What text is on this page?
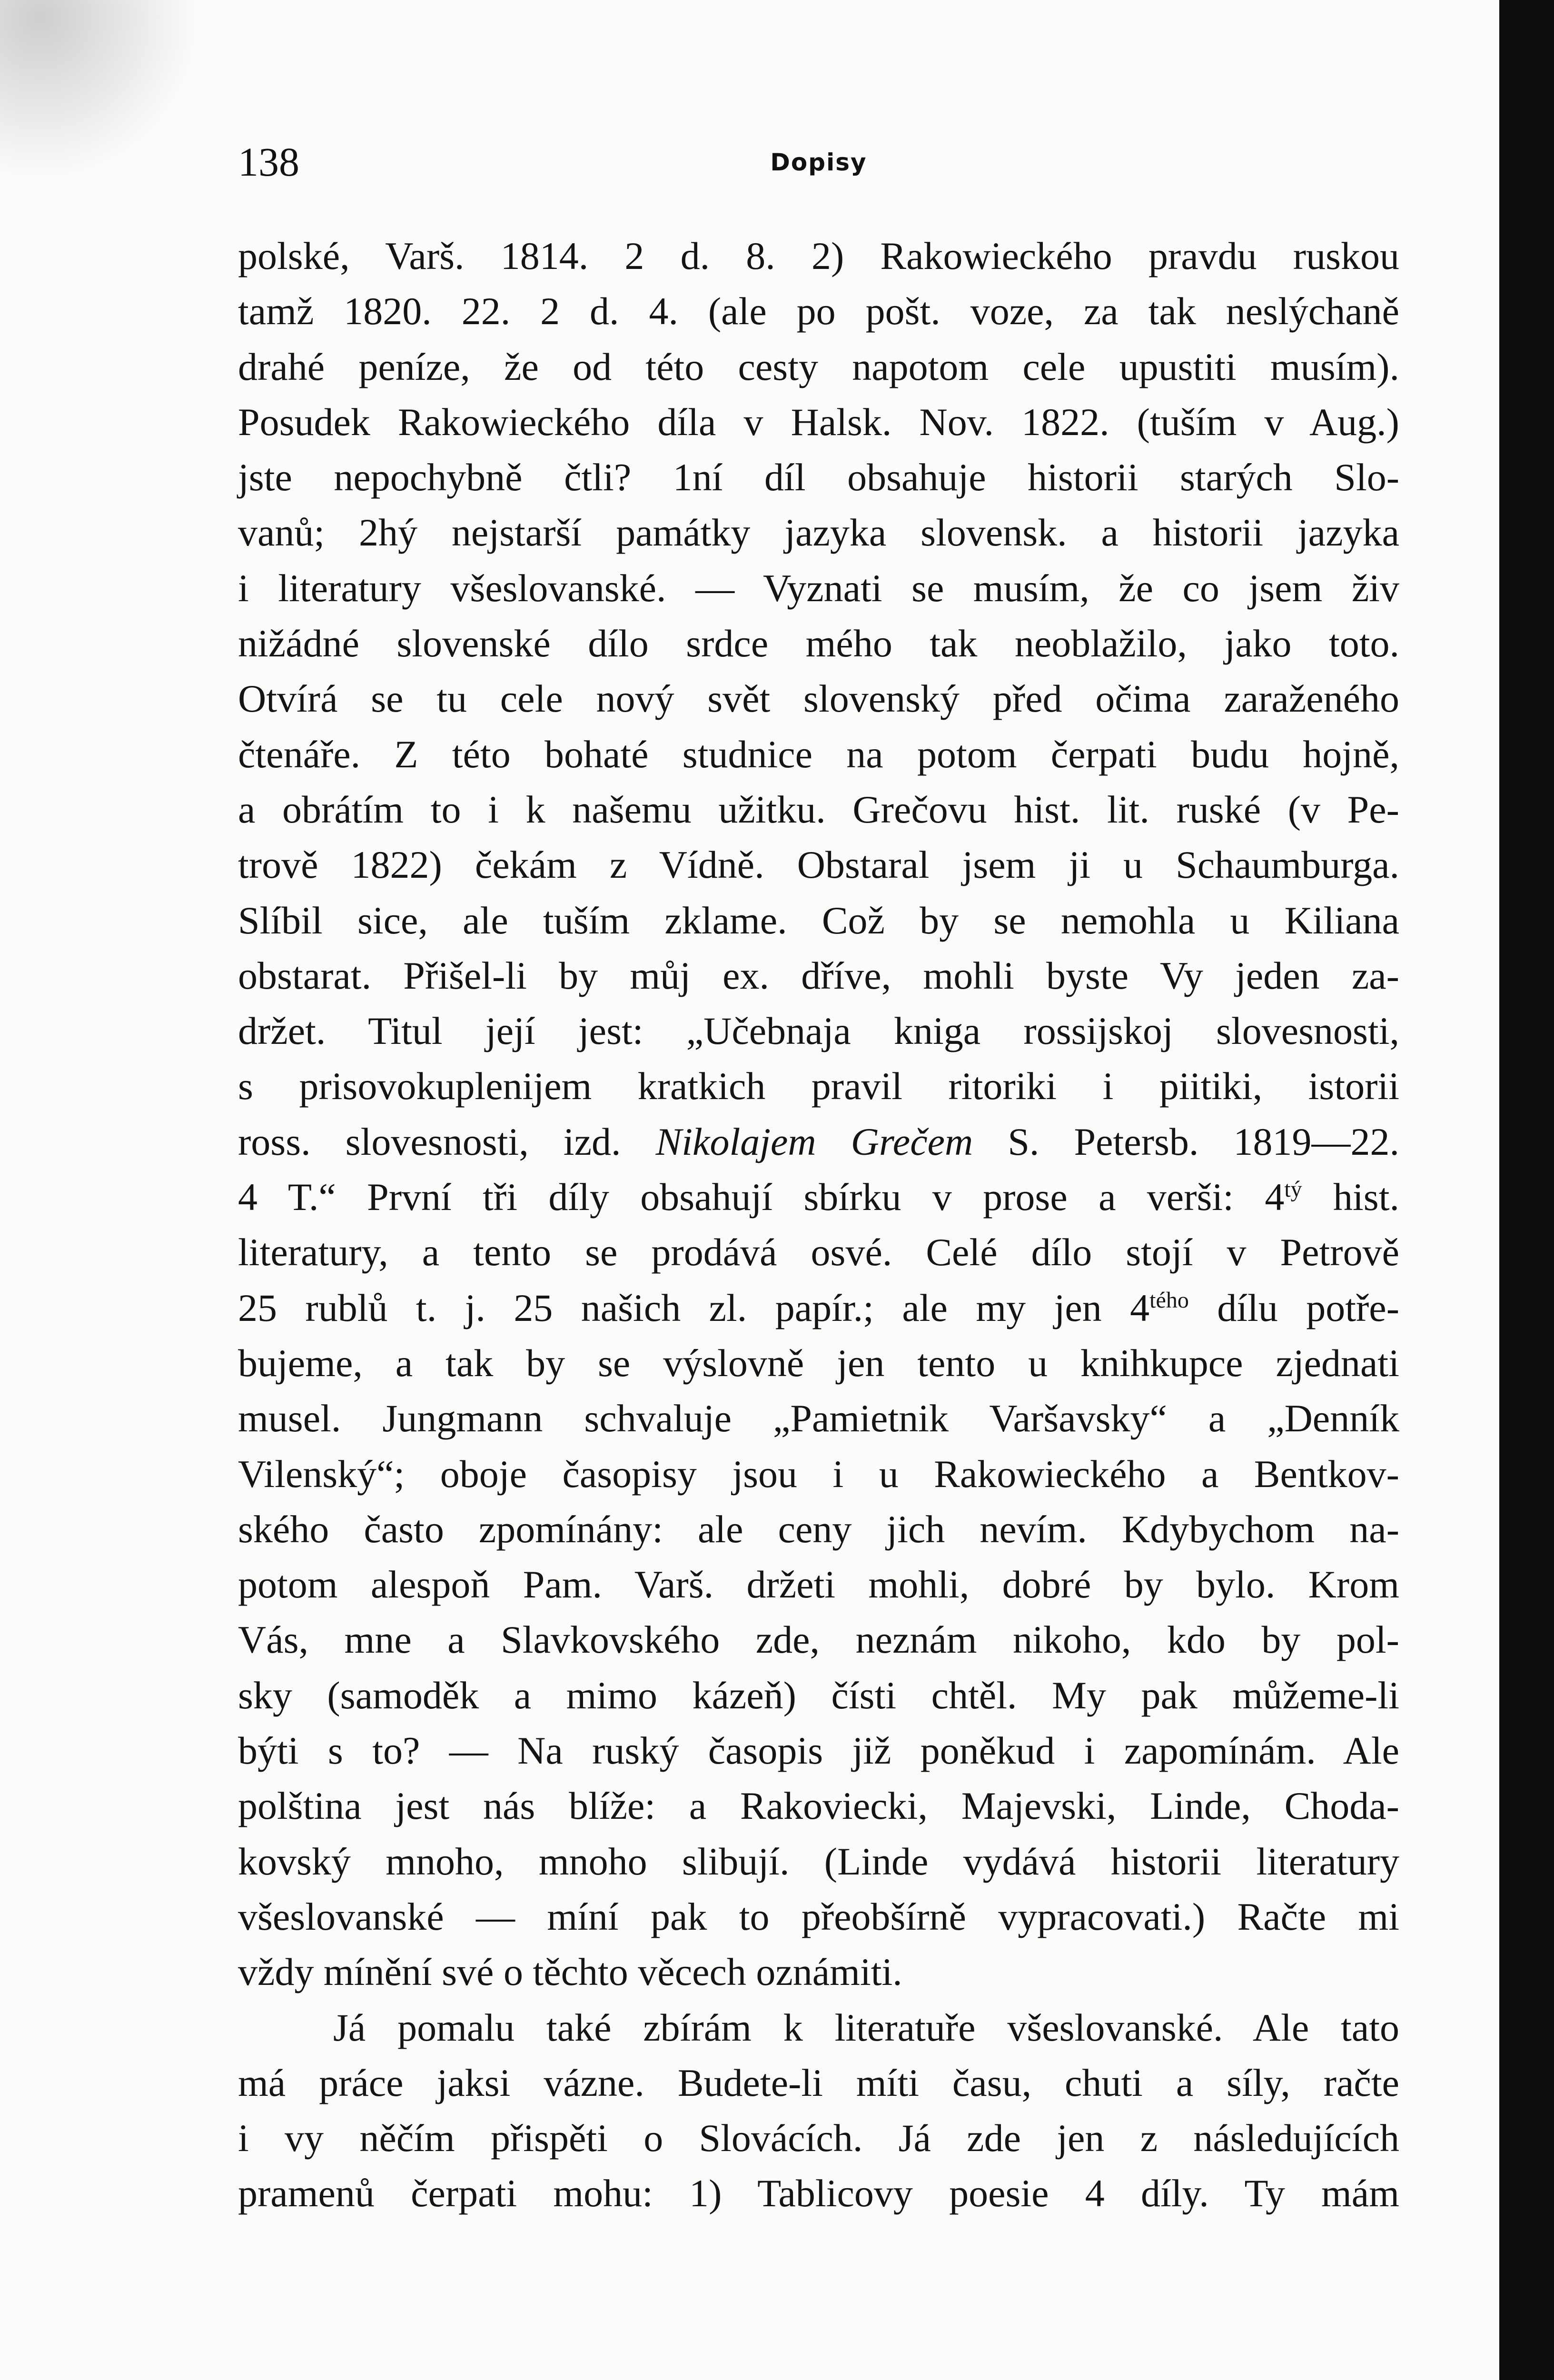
138	Dopisy
polské, Varš. 1814. 2 d. 8. 2) Rakowieckého pravdu ruskou
tamž 1820. 22. 2 d. 4. (ale po pošt. voze, za tak neslýchaně
drahé peníze, že od této cesty napotom cele upustiti musím).
Posudek Rakowieckého díla v Halsk. Nov. 1822. (tuším v Aug.)
jste nepochybně čtli? 1ní díl obsahuje historii starých Slo-
vanů; 2hý nejstarší památky jazyka slovensk. a historii jazyka
i literatury všeslovanské. — Vyznati se musím, že co jsem živ
nižádné slovenské dílo srdce mého tak neoblažilo, jako toto.
Otvírá se tu cele nový svět slovenský před očima zaraženého
čtenáře. Z této bohaté studnice na potom čerpati budu hojně,
a obrátím to i k našemu užitku. Grečovu hist. lit. ruské (v Pe-
trově 1822) čekám z Vídně. Obstaral jsem ji u Schaumburga.
Slíbil sice, ale tuším zklame. Což by se nemohla u Kiliana
obstarat. Přišel-li by můj ex. dříve, mohli byste Vy jeden za-
držet. Titul její jest: „Učebnaja kniga rossijskoj slovesnosti,
s prisovokuplenijem kratkich pravil ritoriki i piitiki, istorii
ross. slovesnosti, izd. Nikolajem Grečem S. Petersb. 1819—22.
4 T.“ První tři díly obsahují sbírku v prose a verši: $4^{tý}$ hist.
literatury, a tento se prodává osvé. Celé dílo stojí v Petrově
25 rublů t. j. 25 našich zl. papír.; ale my jen $4^{tého}$ dílu potře-
bujeme, a tak by se výslovně jen tento u knihkupce zjednati
musel. Jungmann schvaluje „Pamietnik Varšavsky“ a „Denník
Vilenský“; oboje časopisy jsou i u Rakowieckého a Bentkov-
ského často zpomínány: ale ceny jich nevím. Kdybychom na-
potom alespoň Pam. Varš. držeti mohli, dobré by bylo. Krom
Vás, mne a Slavkovského zde, neznám nikoho, kdo by pol-
sky (samoděk a mimo kázeň) čísti chtěl. My pak můžeme-li
býti s to? — Na ruský časopis již poněkud i zapomínám. Ale
polština jest nás blíže: a Rakoviecki, Majevski, Linde, Choda-
kovský mnoho, mnoho slibují. (Linde vydává historii literatury
všeslovanské — míní pak to přeobšírně vypracovati.) Račte mi
vždy mínění své o těchto věcech oznámiti.
Já pomalu také zbírám k literatuře všeslovanské. Ale tato
má práce jaksi vázne. Budete-li míti času, chuti a síly, račte
i vy něčím přispěti o Slovácích. Já zde jen z následujících
pramenů čerpati mohu: 1) Tablicovy poesie 4 díly. Ty mám
